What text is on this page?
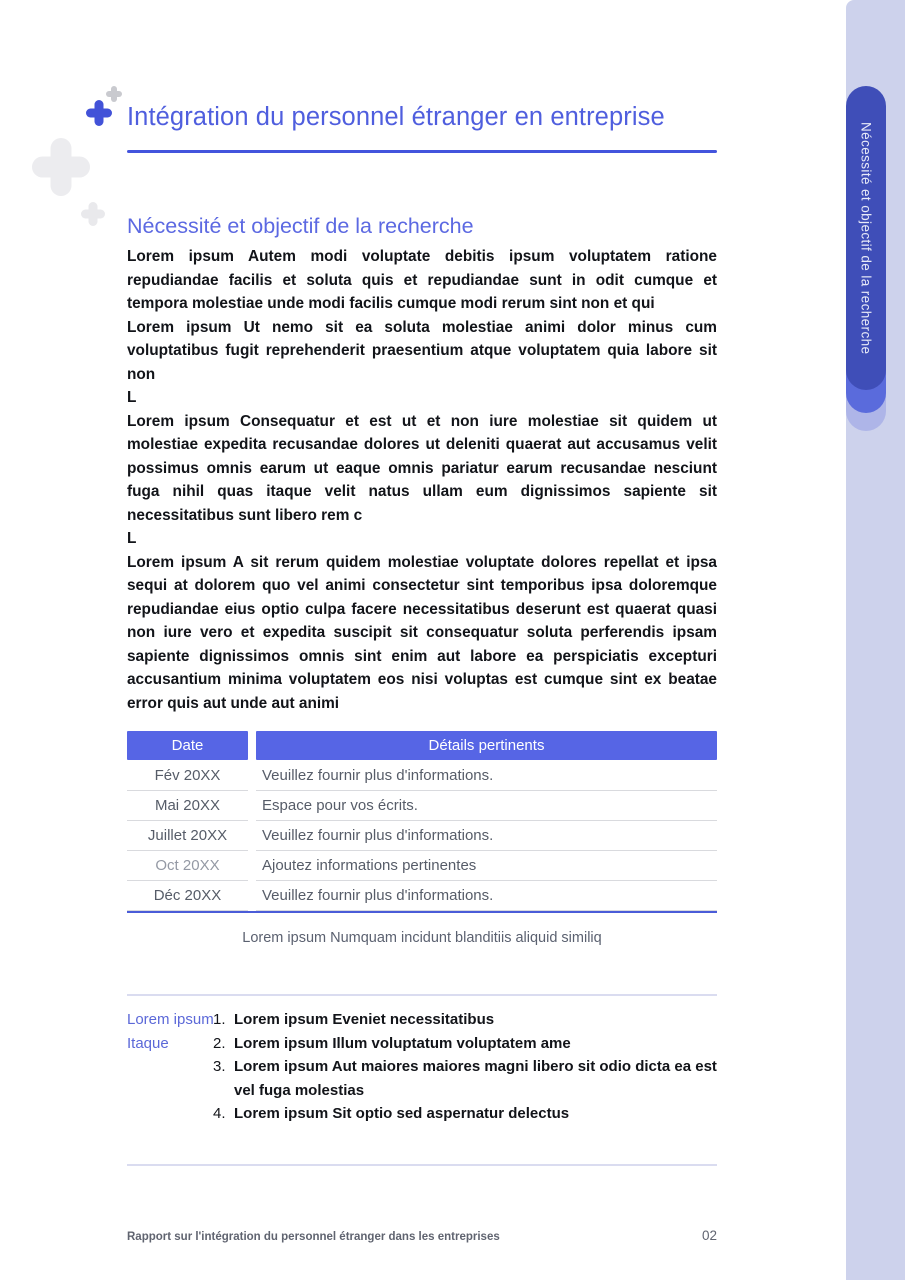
Nécessité et objectif de la recherche
Intégration du personnel étranger en entreprise
Nécessité et objectif de la recherche

Lorem ipsum Autem modi voluptate debitis ipsum voluptatem ratione repudiandae facilis et soluta quis et repudiandae sunt in odit cumque et tempora molestiae unde modi facilis cumque modi rerum sint non et qui

Lorem ipsum Ut nemo sit ea soluta molestiae animi dolor minus cum voluptatibus fugit reprehenderit praesentium atque voluptatem quia labore sit non

L

Lorem ipsum Consequatur et est ut et non iure molestiae sit quidem ut molestiae expedita recusandae dolores ut deleniti quaerat aut accusamus velit possimus omnis earum ut eaque omnis pariatur earum recusandae nesciunt fuga nihil quas itaque velit natus ullam eum dignissimos sapiente sit necessitatibus sunt libero rem c

L

Lorem ipsum A sit rerum quidem molestiae voluptate dolores repellat et ipsa sequi at dolorem quo vel animi consectetur sint temporibus ipsa doloremque repudiandae eius optio culpa facere necessitatibus deserunt est quaerat quasi non iure vero et expedita suscipit sit consequatur soluta perferendis ipsam sapiente dignissimos omnis sint enim aut labore ea perspiciatis excepturi accusantium minima voluptatem eos nisi voluptas est cumque sint ex beatae error quis aut unde aut animi

Date	Détails pertinents
Fév 20XX	Veuillez fournir plus d'informations.
Mai 20XX	Espace pour vos écrits.
Juillet 20XX	Veuillez fournir plus d'informations.
Oct 20XX	Ajoutez informations pertinentes
Déc 20XX	Veuillez fournir plus d'informations.
Lorem ipsum Numquam incidunt blanditiis aliquid similiq
Lorem ipsum
Itaque
1. Lorem ipsum Eveniet necessitatibus
2. Lorem ipsum Illum voluptatum voluptatem ame
3. Lorem ipsum Aut maiores maiores magni libero sit odio dicta ea est vel fuga molestias
4. Lorem ipsum Sit optio sed aspernatur delectus
Rapport sur l'intégration du personnel étranger dans les entreprises	02
